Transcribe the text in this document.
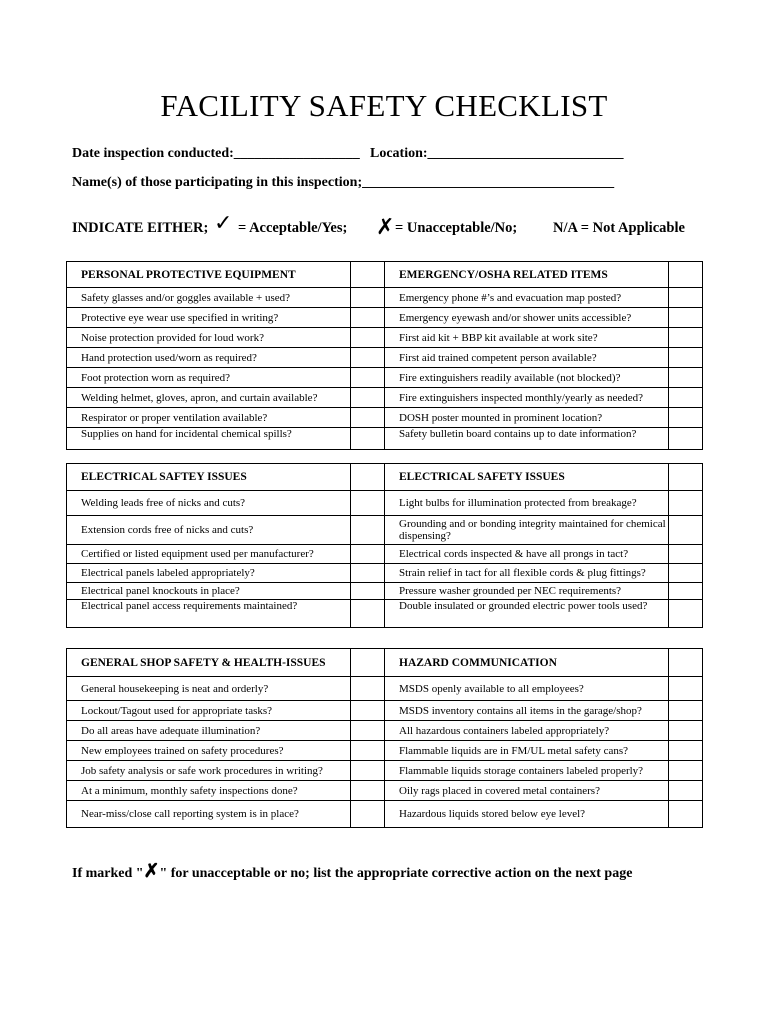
FACILITY SAFETY CHECKLIST
Date inspection conducted:__________________ Location:____________________________
Name(s) of those participating in this inspection;____________________________________
INDICATE EITHER; ✓ = Acceptable/Yes; ✗ = Unacceptable/No; N/A = Not Applicable
PERSONAL PROTECTIVE EQUIPMENT		EMERGENCY/OSHA RELATED ITEMS	
Safety glasses and/or goggles available + used?		Emergency phone #’s and evacuation map posted?	
Protective eye wear use specified in writing?		Emergency eyewash and/or shower units accessible?	
Noise protection provided for loud work?		First aid kit + BBP kit available at work site?	
Hand protection used/worn as required?		First aid trained competent person available?	
Foot protection worn as required?		Fire extinguishers readily available (not blocked)?	
Welding helmet, gloves, apron, and curtain available?		Fire extinguishers inspected monthly/yearly as needed?	
Respirator or proper ventilation available?		DOSH poster mounted in prominent location?	
Supplies on hand for incidental chemical spills?		Safety bulletin board contains up to date information?	
ELECTRICAL SAFTEY ISSUES		ELECTRICAL SAFETY ISSUES	
Welding leads free of nicks and cuts?		Light bulbs for illumination protected from breakage?	
Extension cords free of nicks and cuts?		Grounding and or bonding integrity maintained for chemical dispensing?	
Certified or listed equipment used per manufacturer?		Electrical cords inspected & have all prongs in tact?	
Electrical panels labeled appropriately?		Strain relief in tact for all flexible cords & plug fittings?	
Electrical panel knockouts in place?		Pressure washer grounded per NEC requirements?	
Electrical panel access requirements maintained?		Double insulated or grounded electric power tools used?	
GENERAL SHOP SAFETY & HEALTH-ISSUES		HAZARD COMMUNICATION	
General housekeeping is neat and orderly?		MSDS openly available to all employees?	
Lockout/Tagout used for appropriate tasks?		MSDS inventory contains all items in the garage/shop?	
Do all areas have adequate illumination?		All hazardous containers labeled appropriately?	
New employees trained on safety procedures?		Flammable liquids are in FM/UL metal safety cans?	
Job safety analysis or safe work procedures in writing?		Flammable liquids storage containers labeled properly?	
At a minimum, monthly safety inspections done?		Oily rags placed in covered metal containers?	
Near-miss/close call reporting system is in place?		Hazardous liquids stored below eye level?	
If marked "✗" for unacceptable or no; list the appropriate corrective action on the next page
